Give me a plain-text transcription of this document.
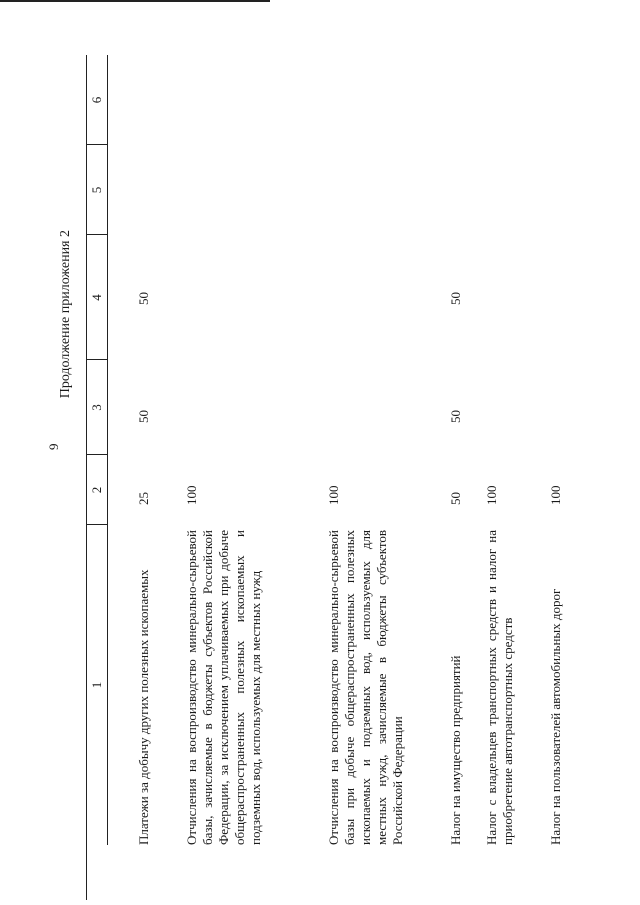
9
Продолжение приложения 2
1
2
3
4
5
6
Платежи за добычу других полезных ископаемых
25
50
50
Отчисления на воспроизводство минерально-сырьевой базы, зачисляемые в бюджеты субъектов Российской Федерации, за исключением уплачиваемых при добыче общераспространенных полезных ископаемых и подземных вод, используемых для местных нужд
100
Отчисления на воспроизводство минерально-сырьевой базы при добыче общераспространенных полезных ископаемых и подземных вод, используемых для местных нужд, зачисляемые в бюджеты субъектов Российской Федерации
100
Налог на имущество предприятий
50
50
50
Налог с владельцев транспортных средств и налог на приобретение автотранспортных средств
100
Налог на пользователей автомобильных дорог
100
